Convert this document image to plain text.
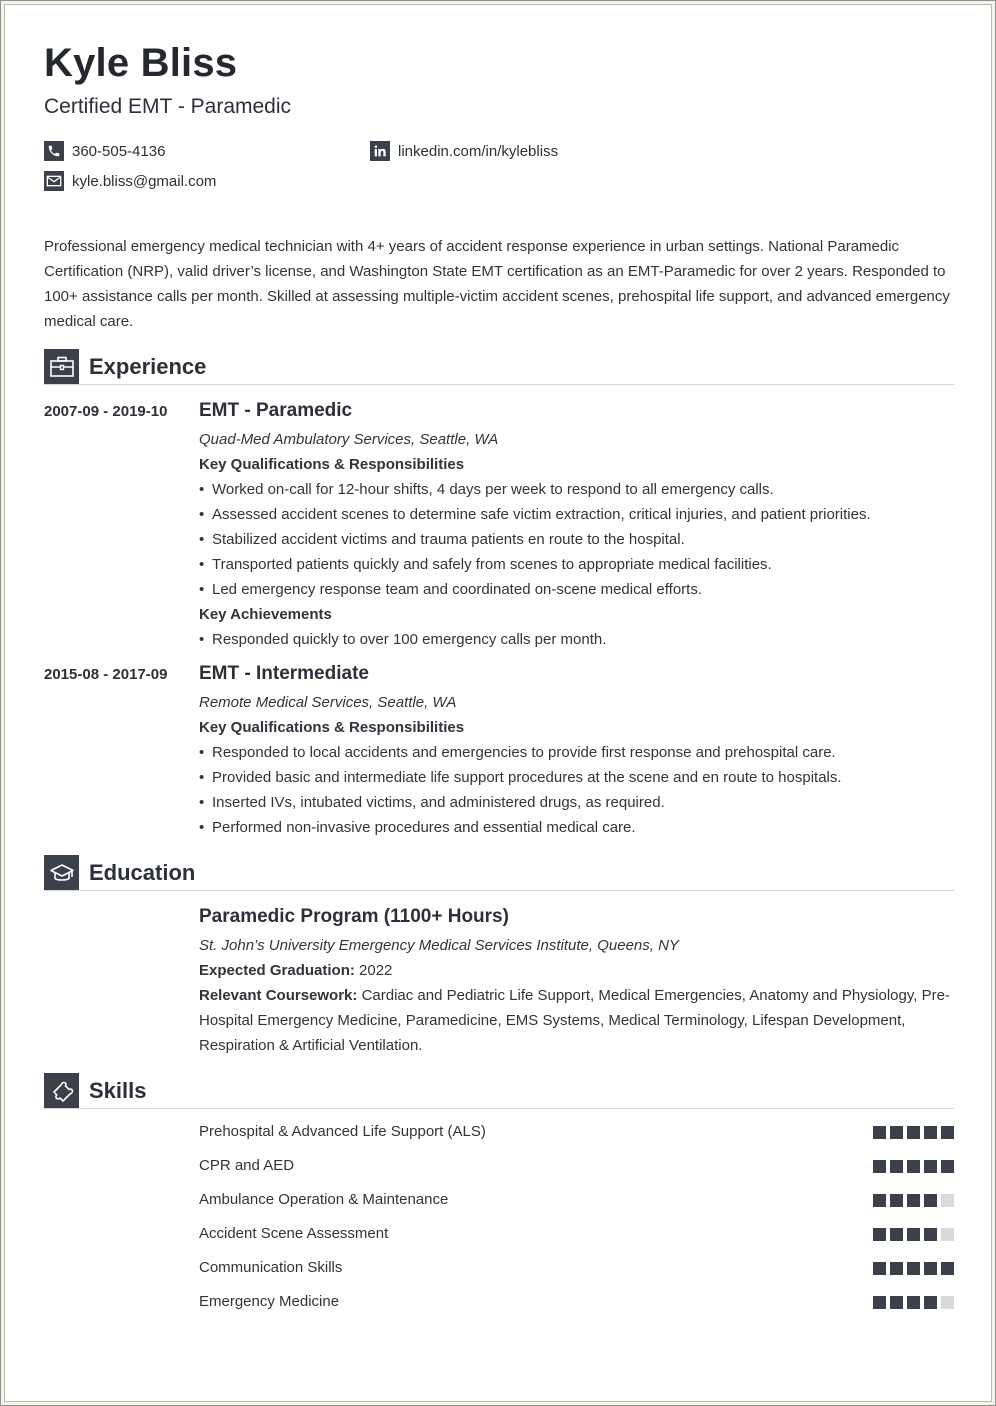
Kyle Bliss
Certified EMT - Paramedic
360-505-4136	linkedin.com/in/kylebliss
kyle.bliss@gmail.com

Professional emergency medical technician with 4+ years of accident response experience in urban settings. National Paramedic Certification (NRP), valid driver’s license, and Washington State EMT certification as an EMT-Paramedic for over 2 years. Responded to 100+ assistance calls per month. Skilled at assessing multiple-victim accident scenes, prehospital life support, and advanced emergency medical care.

Experience
2007-09 - 2019-10 EMT - Paramedic
Quad-Med Ambulatory Services, Seattle, WA
Key Qualifications & Responsibilities
• Worked on-call for 12-hour shifts, 4 days per week to respond to all emergency calls.
• Assessed accident scenes to determine safe victim extraction, critical injuries, and patient priorities.
• Stabilized accident victims and trauma patients en route to the hospital.
• Transported patients quickly and safely from scenes to appropriate medical facilities.
• Led emergency response team and coordinated on-scene medical efforts.
Key Achievements
• Responded quickly to over 100 emergency calls per month.
2015-08 - 2017-09 EMT - Intermediate
Remote Medical Services, Seattle, WA
Key Qualifications & Responsibilities
• Responded to local accidents and emergencies to provide first response and prehospital care.
• Provided basic and intermediate life support procedures at the scene and en route to hospitals.
• Inserted IVs, intubated victims, and administered drugs, as required.
• Performed non-invasive procedures and essential medical care.
Education
Paramedic Program (1100+ Hours)
St. John’s University Emergency Medical Services Institute, Queens, NY

Expected Graduation: 2022

Relevant Coursework: Cardiac and Pediatric Life Support, Medical Emergencies, Anatomy and Physiology, Pre-Hospital Emergency Medicine, Paramedicine, EMS Systems, Medical Terminology, Lifespan Development, Respiration & Artificial Ventilation.

Skills
Prehospital & Advanced Life Support (ALS)
CPR and AED
Ambulance Operation & Maintenance
Accident Scene Assessment
Communication Skills
Emergency Medicine
